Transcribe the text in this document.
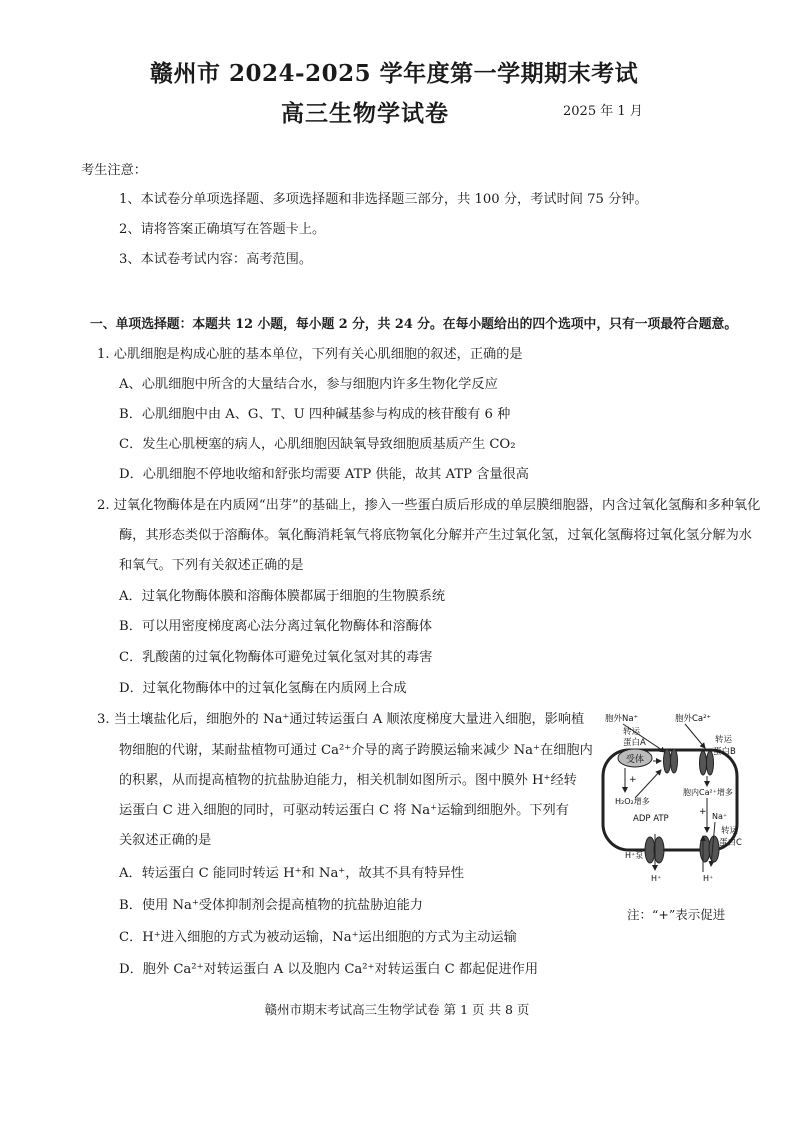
赣州市 2024-2025 学年度第一学期期末考试
高三生物学试卷	2025 年 1 月
考生注意：
1、本试卷分单项选择题、多项选择题和非选择题三部分，共 100 分，考试时间 75 分钟。
2、请将答案正确填写在答题卡上。
3、本试卷考试内容：高考范围。
一、单项选择题：本题共 12 小题，每小题 2 分，共 24 分。在每小题给出的四个选项中，只有一项最符合题意。
1. 心肌细胞是构成心脏的基本单位，下列有关心肌细胞的叙述，正确的是
A、心肌细胞中所含的大量结合水，参与细胞内许多生物化学反应
B．心肌细胞中由 A、G、T、U 四种碱基参与构成的核苷酸有 6 种
C．发生心肌梗塞的病人，心肌细胞因缺氧导致细胞质基质产生 CO₂
D．心肌细胞不停地收缩和舒张均需要 ATP 供能，故其 ATP 含量很高
2. 过氧化物酶体是在内质网“出芽”的基础上，掺入一些蛋白质后形成的单层膜细胞器，内含过氧化氢酶和多种氧化
酶，其形态类似于溶酶体。氧化酶消耗氧气将底物氧化分解并产生过氧化氢，过氧化氢酶将过氧化氢分解为水
和氧气。下列有关叙述正确的是
A．过氧化物酶体膜和溶酶体膜都属于细胞的生物膜系统
B．可以用密度梯度离心法分离过氧化物酶体和溶酶体
C．乳酸菌的过氧化物酶体可避免过氧化氢对其的毒害
D．过氧化物酶体中的过氧化氢酶在内质网上合成
3. 当土壤盐化后，细胞外的 Na⁺通过转运蛋白 A 顺浓度梯度大量进入细胞，影响植
物细胞的代谢，某耐盐植物可通过 Ca²⁺介导的离子跨膜运输来减少 Na⁺在细胞内
的积累，从而提高植物的抗盐胁迫能力，相关机制如图所示。图中膜外 H⁺经转
运蛋白 C 进入细胞的同时，可驱动转运蛋白 C 将 Na⁺运输到细胞外。下列有
关叙述正确的是
A．转运蛋白 C 能同时转运 H⁺和 Na⁺，故其不具有特异性
B．使用 Na⁺受体抑制剂会提高植物的抗盐胁迫能力
C．H⁺进入细胞的方式为被动运输，Na⁺运出细胞的方式为主动运输
D．胞外 Ca²⁺对转运蛋白 A 以及胞内 Ca²⁺对转运蛋白 C 都起促进作用
受体
胞外Na⁺	胞外Ca²⁺
转运
蛋白A	转运
蛋白B
H₂O₂增多
胞内Ca²⁺增多
Na⁺
ADP ATP
转运
蛋白C
H⁺泵
H⁺	H⁺
+
+
注：“+”表示促进
赣州市期末考试高三生物学试卷 第 1 页 共 8 页
